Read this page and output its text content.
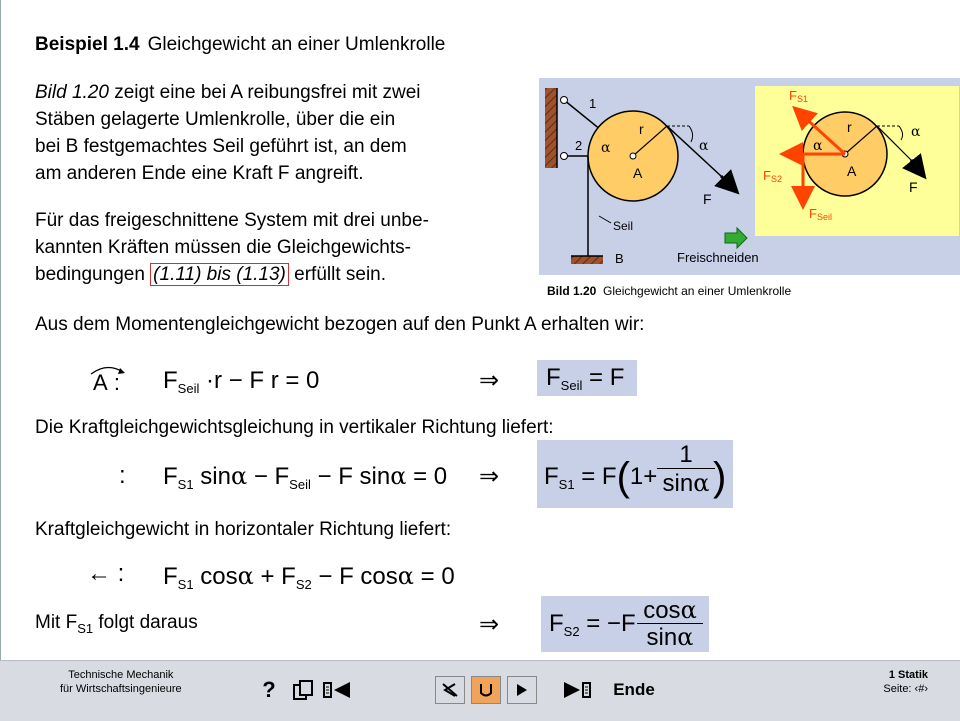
Beispiel 1.4 Gleichgewicht an einer Umlenkrolle
Bild 1.20 zeigt eine bei A reibungsfrei mit zwei
Stäben gelagerte Umlenkrolle, über die ein
bei B festgemachtes Seil geführt ist, an dem
am anderen Ende eine Kraft F angreift.
Für das freigeschnittene System mit drei unbe-
kannten Kräften müssen die Gleichgewichts-
bedingungen (1.11) bis (1.13) erfüllt sein.
1
2
r
α	α
A
F
Seil
B	Freischneiden
FS1
FS2
FSeil
r
α
α
A
F
Bild 1.20 Gleichgewicht an einer Umlenkrolle
Aus dem Momentengleichgewicht bezogen auf den Punkt A erhalten wir:
A : $F_{Seil} \cdot r - F$ r = 0	⇒ $F_{Seil} = F$
Die Kraftgleichgewichtsgleichung in vertikaler Richtung liefert:
: $F_{S1}$ $\sin\alpha - F_{Seil} - F$ sinα = 0 ⇒ $F_{S1} = F(1+$
1
sinα )
Kraftgleichgewicht in horizontaler Richtung liefert:
← : $F_{S1}$ $\cos\alpha + F_{S2} - F$ cosα = 0
Mit $F_{S1}$ folgt daraus	⇒ $F_{S2} = -F$ cosα
sinα
Technische Mechanik
für Wirtschaftsingenieure	?	Ende
1 Statik
Seite: ‹#›
